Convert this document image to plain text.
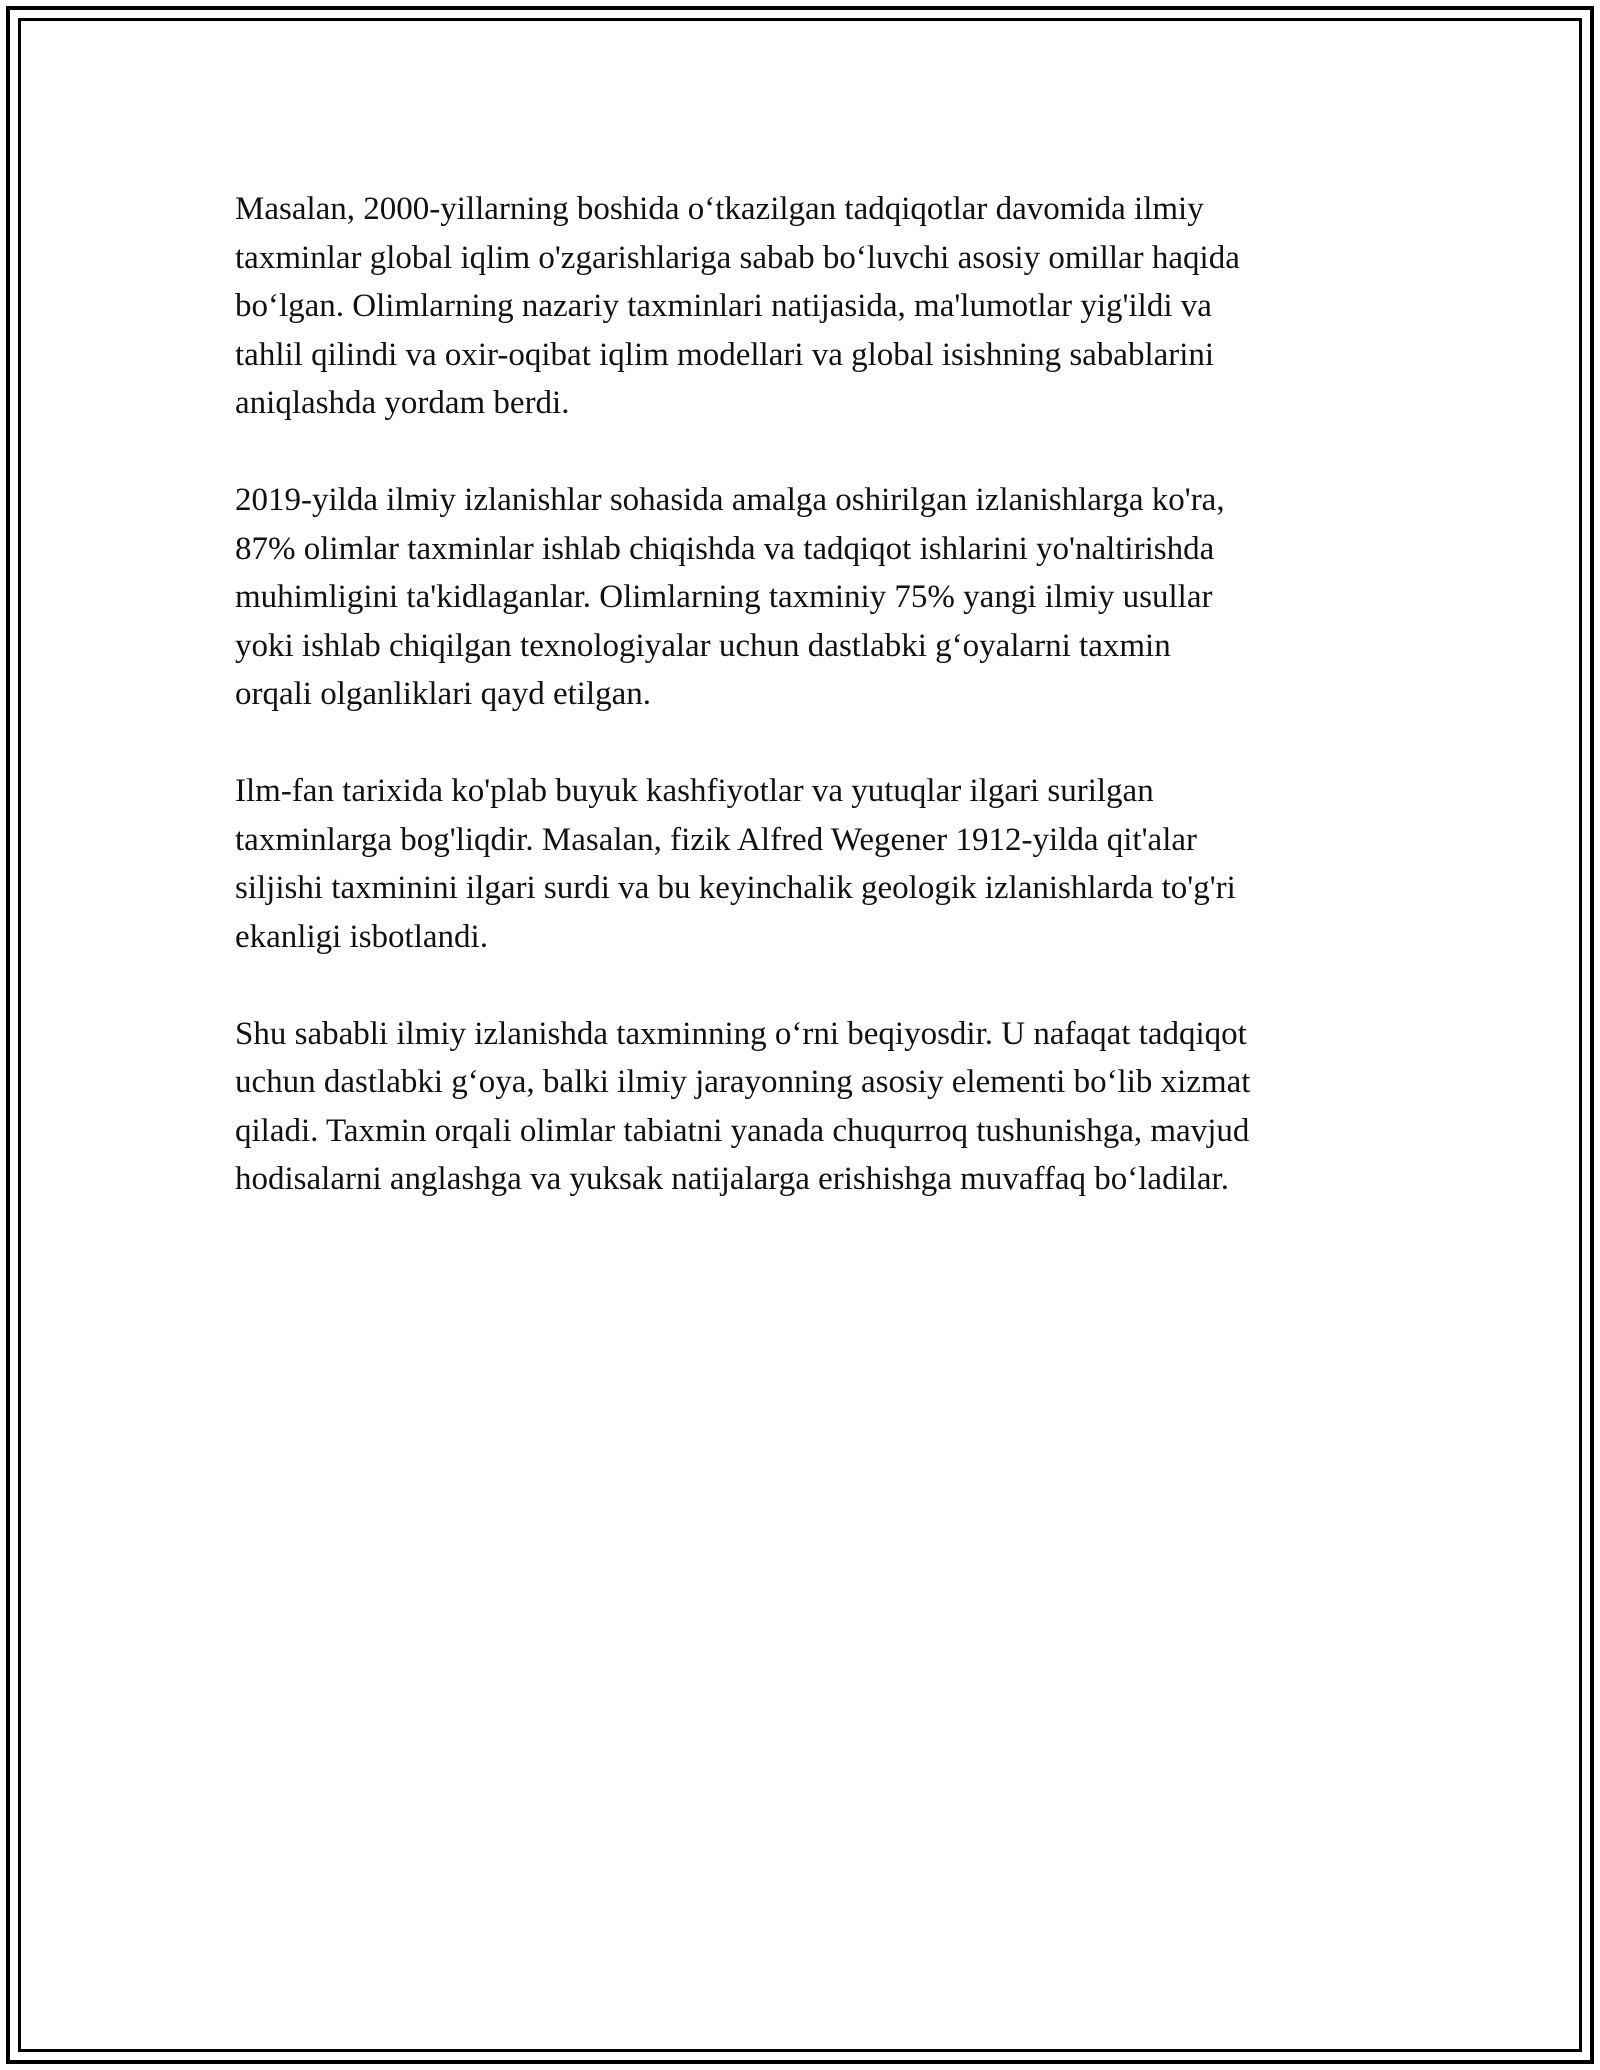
Masalan, 2000-yillarning boshida o‘tkazilgan tadqiqotlar davomida ilmiy
taxminlar global iqlim o'zgarishlariga sabab bo‘luvchi asosiy omillar haqida
bo‘lgan. Olimlarning nazariy taxminlari natijasida, ma'lumotlar yig'ildi va
tahlil qilindi va oxir-oqibat iqlim modellari va global isishning sabablarini
aniqlashda yordam berdi.

2019-yilda ilmiy izlanishlar sohasida amalga oshirilgan izlanishlarga ko'ra,
87% olimlar taxminlar ishlab chiqishda va tadqiqot ishlarini yo'naltirishda
muhimligini ta'kidlaganlar. Olimlarning taxminiy 75% yangi ilmiy usullar
yoki ishlab chiqilgan texnologiyalar uchun dastlabki g‘oyalarni taxmin
orqali olganliklari qayd etilgan.

Ilm-fan tarixida ko'plab buyuk kashfiyotlar va yutuqlar ilgari surilgan
taxminlarga bog'liqdir. Masalan, fizik Alfred Wegener 1912-yilda qit'alar
siljishi taxminini ilgari surdi va bu keyinchalik geologik izlanishlarda to'g'ri
ekanligi isbotlandi.

Shu sababli ilmiy izlanishda taxminning o‘rni beqiyosdir. U nafaqat tadqiqot
uchun dastlabki g‘oya, balki ilmiy jarayonning asosiy elementi bo‘lib xizmat
qiladi. Taxmin orqali olimlar tabiatni yanada chuqurroq tushunishga, mavjud
hodisalarni anglashga va yuksak natijalarga erishishga muvaffaq bo‘ladilar.
